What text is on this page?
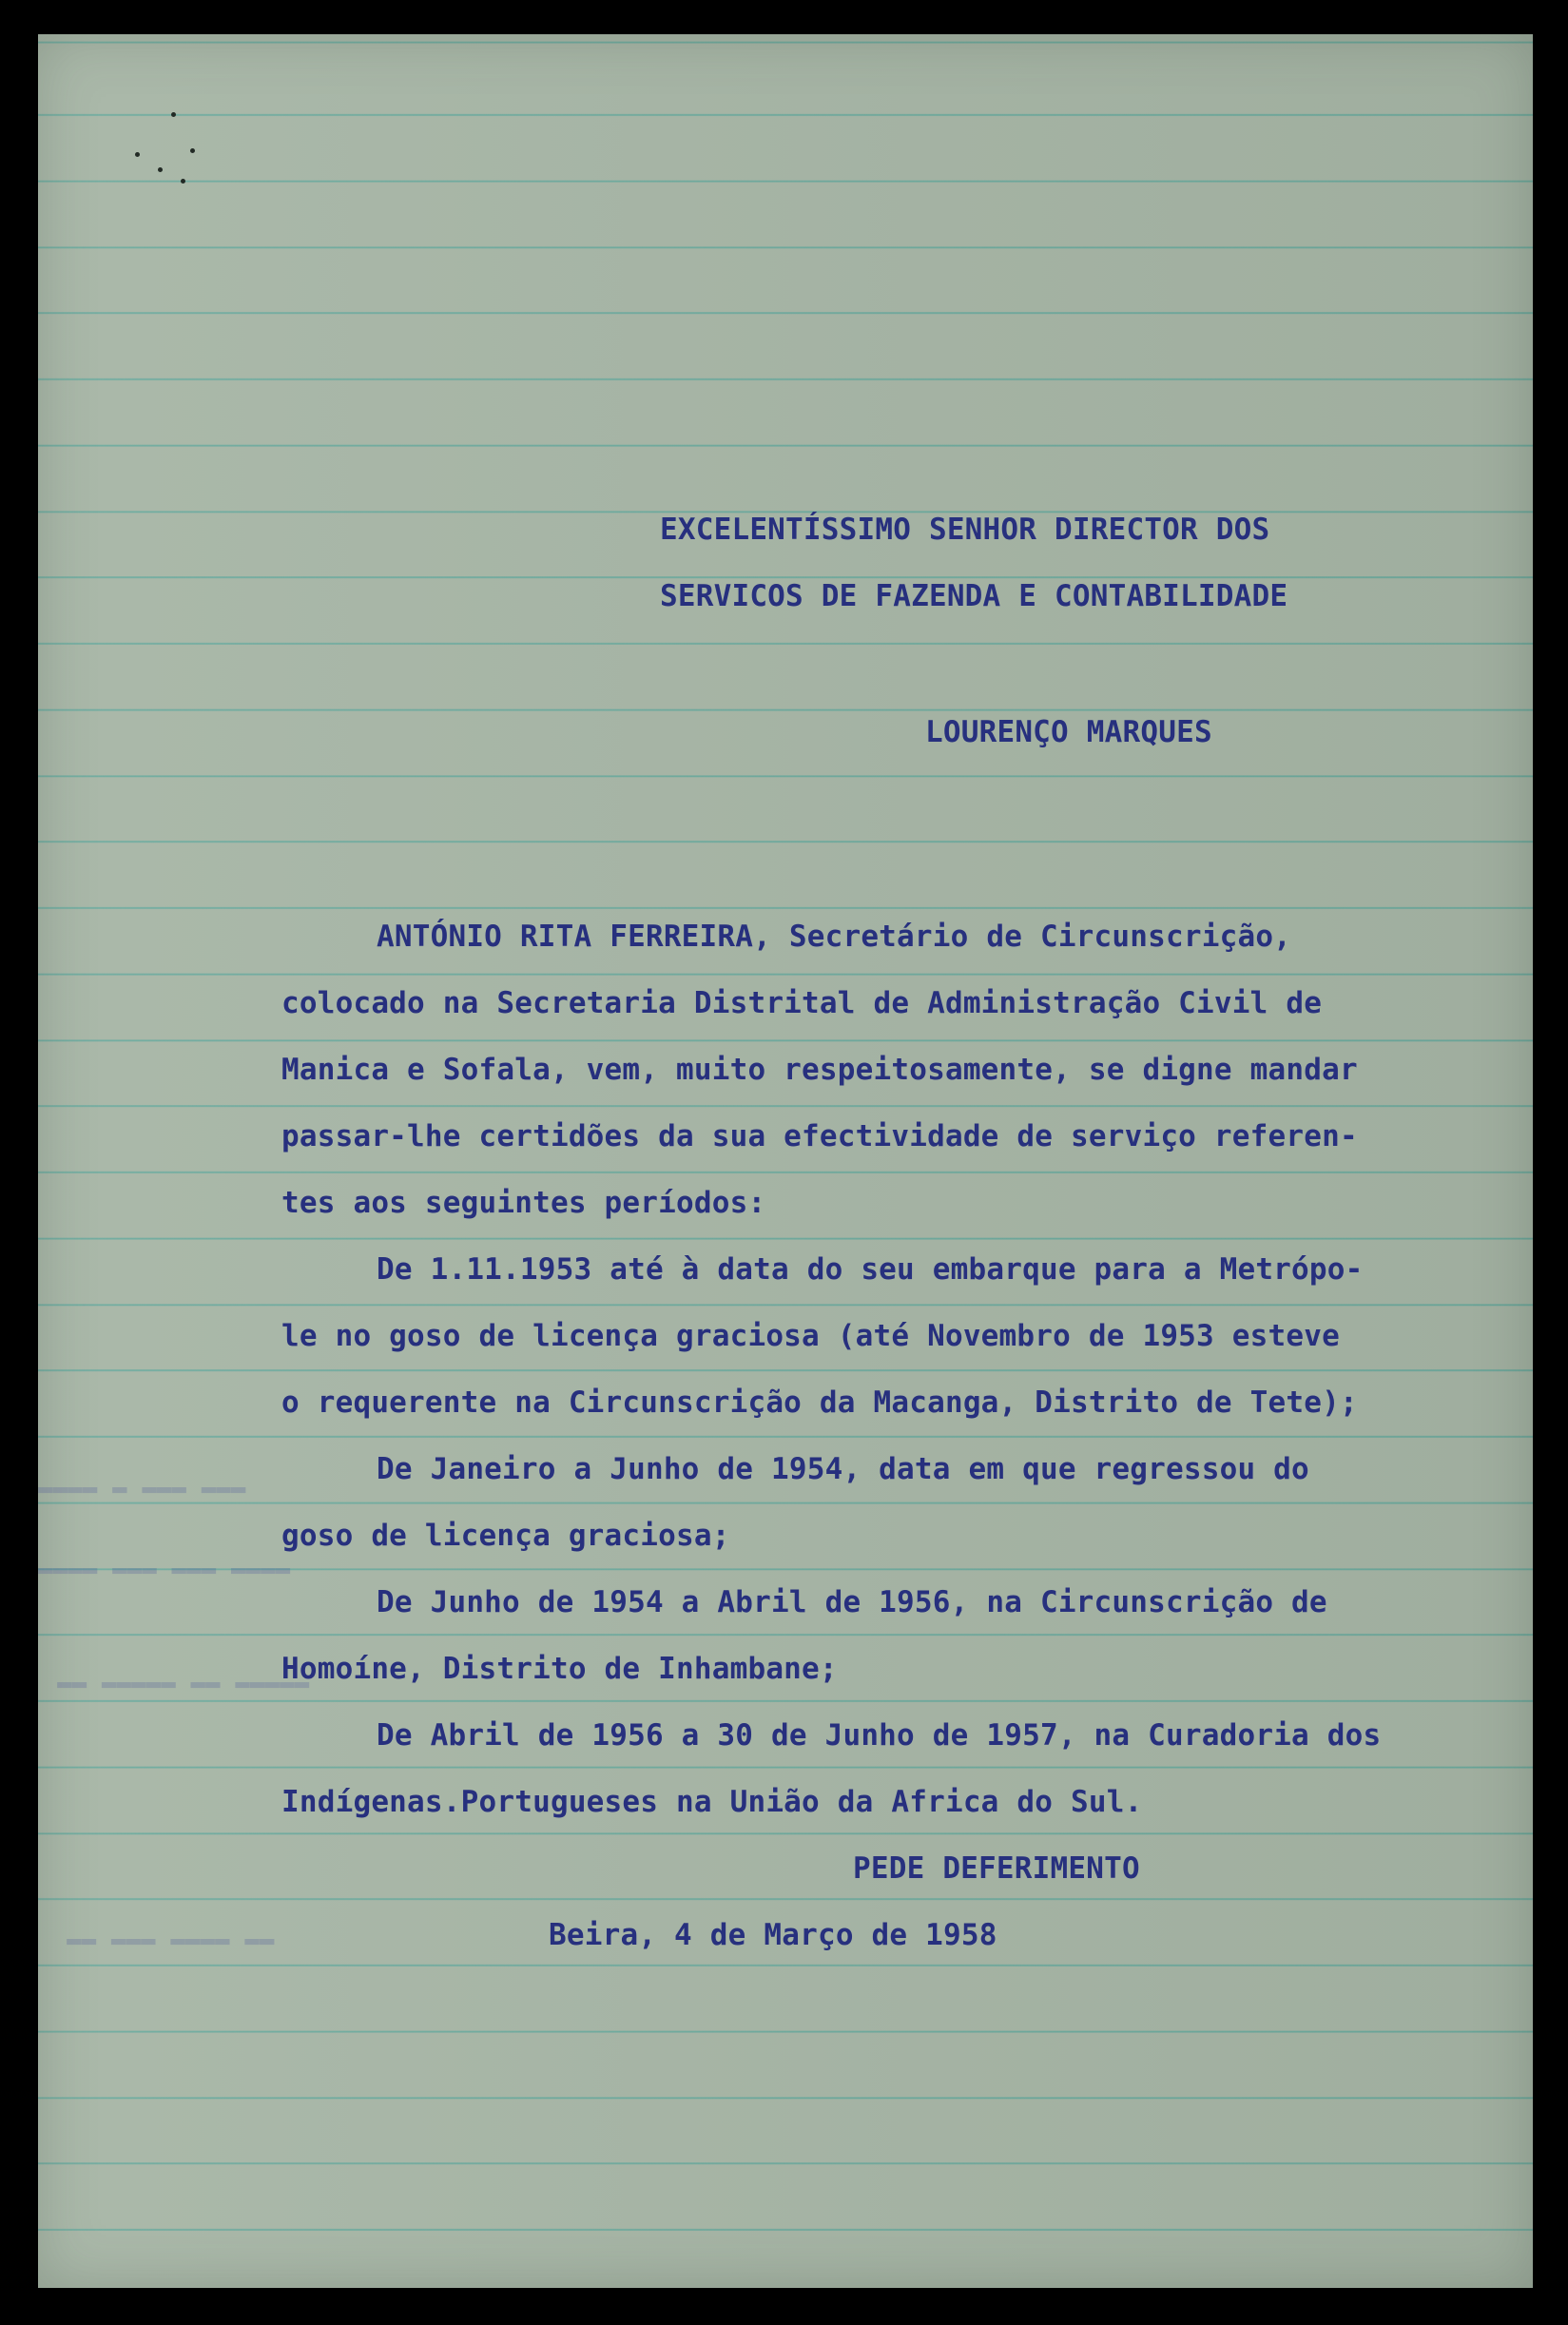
▬▬▬ ▬▬▬ ▬ ▬▬▬▬
▬▬▬▬ ▬▬▬ ▬▬▬ ▬▬▬▬
▬▬▬▬▬ ▬▬ ▬▬▬▬▬ ▬▬
▬▬ ▬▬▬▬ ▬▬▬ ▬▬

EXCELENTÍSSIMO SENHOR DIRECTOR DOS

SERVICOS DE FAZENDA E CONTABILIDADE

LOURENÇO MARQUES

ANTÓNIO RITA FERREIRA, Secretário de Circunscrição,

colocado na Secretaria Distrital de Administração Civil de

Manica e Sofala, vem, muito respeitosamente, se digne mandar

passar-lhe certidões da sua efectividade de serviço referen-

tes aos seguintes períodos:

De 1.11.1953 até à data do seu embarque para a Metrópo-

le no goso de licença graciosa (até Novembro de 1953 esteve

o requerente na Circunscrição da Macanga, Distrito de Tete);

De Janeiro a Junho de 1954, data em que regressou do

goso de licença graciosa;

De Junho de 1954 a Abril de 1956, na Circunscrição de

Homoíne, Distrito de Inhambane;

De Abril de 1956 a 30 de Junho de 1957, na Curadoria dos

Indígenas.Portugueses na União da Africa do Sul.

PEDE DEFERIMENTO

Beira, 4 de Março de 1958
